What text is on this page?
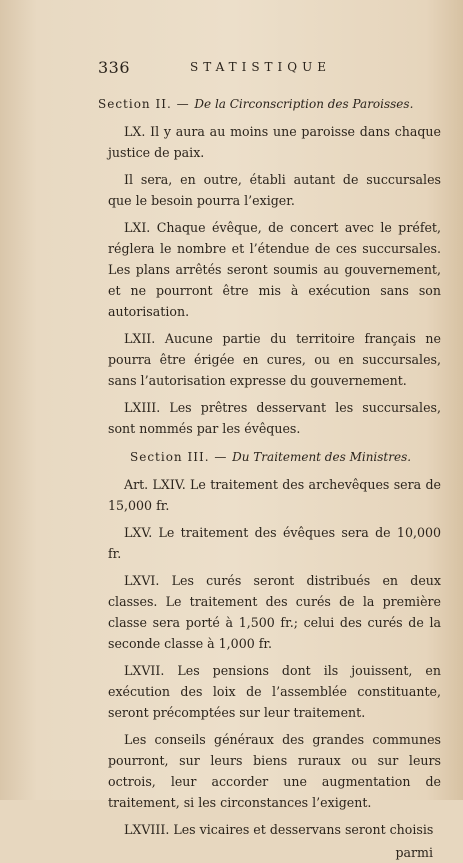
336	STATISTIQUE
Section II. — De la Circonscription des Paroisses.

LX. Il y aura au moins une paroisse dans chaque justice de paix.

Il sera, en outre, établi autant de succursales que le besoin pourra l’exiger.

LXI. Chaque évêque, de concert avec le préfet, réglera le nombre et l’étendue de ces succursales. Les plans arrêtés seront soumis au gouvernement, et ne pourront être mis à exécution sans son autorisation.

LXII. Aucune partie du territoire français ne pourra être érigée en cures, ou en succursales, sans l’autorisation expresse du gouvernement.

LXIII. Les prêtres desservant les succursales, sont nommés par les évêques.

Section III. — Du Traitement des Ministres.

Art. LXIV. Le traitement des archevêques sera de 15,000 fr.

LXV. Le traitement des évêques sera de 10,000 fr.

LXVI. Les curés seront distribués en deux classes. Le traitement des curés de la première classe sera porté à 1,500 fr.; celui des curés de la seconde classe à 1,000 fr.

LXVII. Les pensions dont ils jouissent, en exécution des loix de l’assemblée constituante, seront précomptées sur leur traitement.

Les conseils généraux des grandes communes pourront, sur leurs biens ruraux ou sur leurs octrois, leur accorder une augmentation de traitement, si les circonstances l’exigent.

LXVIII. Les vicaires et desservans seront choisis

parmi
